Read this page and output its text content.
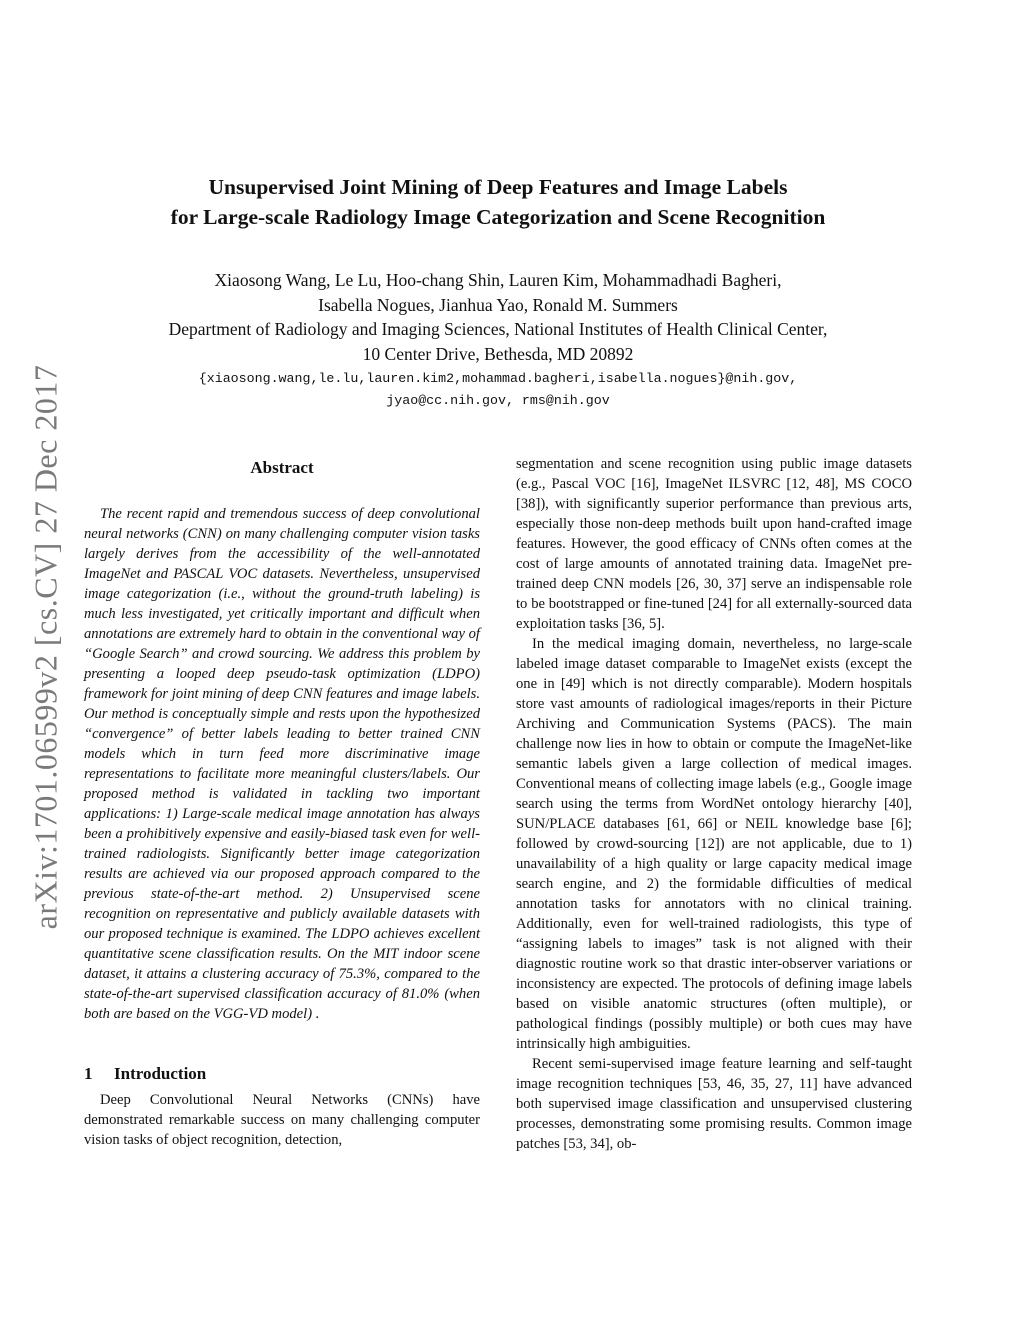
arXiv:1701.06599v2 [cs.CV] 27 Dec 2017
Unsupervised Joint Mining of Deep Features and Image Labels
for Large-scale Radiology Image Categorization and Scene Recognition
Xiaosong Wang, Le Lu, Hoo-chang Shin, Lauren Kim, Mohammadhadi Bagheri,
Isabella Nogues, Jianhua Yao, Ronald M. Summers
Department of Radiology and Imaging Sciences, National Institutes of Health Clinical Center,
10 Center Drive, Bethesda, MD 20892
{xiaosong.wang,le.lu,lauren.kim2,mohammad.bagheri,isabella.nogues}@nih.gov,
jyao@cc.nih.gov, rms@nih.gov
Abstract

The recent rapid and tremendous success of deep convolutional neural networks (CNN) on many challenging computer vision tasks largely derives from the accessibility of the well-annotated ImageNet and PASCAL VOC datasets. Nevertheless, unsupervised image categorization (i.e., without the ground-truth labeling) is much less investigated, yet critically important and difficult when annotations are extremely hard to obtain in the conventional way of “Google Search” and crowd sourcing. We address this problem by presenting a looped deep pseudo-task optimization (LDPO) framework for joint mining of deep CNN features and image labels. Our method is conceptually simple and rests upon the hypothesized “convergence” of better labels leading to better trained CNN models which in turn feed more discriminative image representations to facilitate more meaningful clusters/labels. Our proposed method is validated in tackling two important applications: 1) Large-scale medical image annotation has always been a prohibitively expensive and easily-biased task even for well-trained radiologists. Significantly better image categorization results are achieved via our proposed approach compared to the previous state-of-the-art method. 2) Unsupervised scene recognition on representative and publicly available datasets with our proposed technique is examined. The LDPO achieves excellent quantitative scene classification results. On the MIT indoor scene dataset, it attains a clustering accuracy of 75.3%, compared to the state-of-the-art supervised classification accuracy of 81.0% (when both are based on the VGG-VD model) .

1 Introduction

Deep Convolutional Neural Networks (CNNs) have demonstrated remarkable success on many challenging computer vision tasks of object recognition, detection,

segmentation and scene recognition using public image datasets (e.g., Pascal VOC [16], ImageNet ILSVRC [12, 48], MS COCO [38]), with significantly superior performance than previous arts, especially those non-deep methods built upon hand-crafted image features. However, the good efficacy of CNNs often comes at the cost of large amounts of annotated training data. ImageNet pre-trained deep CNN models [26, 30, 37] serve an indispensable role to be bootstrapped or fine-tuned [24] for all externally-sourced data exploitation tasks [36, 5].

In the medical imaging domain, nevertheless, no large-scale labeled image dataset comparable to ImageNet exists (except the one in [49] which is not directly comparable). Modern hospitals store vast amounts of radiological images/reports in their Picture Archiving and Communication Systems (PACS). The main challenge now lies in how to obtain or compute the ImageNet-like semantic labels given a large collection of medical images. Conventional means of collecting image labels (e.g., Google image search using the terms from WordNet ontology hierarchy [40], SUN/PLACE databases [61, 66] or NEIL knowledge base [6]; followed by crowd-sourcing [12]) are not applicable, due to 1) unavailability of a high quality or large capacity medical image search engine, and 2) the formidable difficulties of medical annotation tasks for annotators with no clinical training. Additionally, even for well-trained radiologists, this type of “assigning labels to images” task is not aligned with their diagnostic routine work so that drastic inter-observer variations or inconsistency are expected. The protocols of defining image labels based on visible anatomic structures (often multiple), or pathological findings (possibly multiple) or both cues may have intrinsically high ambiguities.

Recent semi-supervised image feature learning and self-taught image recognition techniques [53, 46, 35, 27, 11] have advanced both supervised image classification and unsupervised clustering processes, demonstrating some promising results. Common image patches [53, 34], ob-
